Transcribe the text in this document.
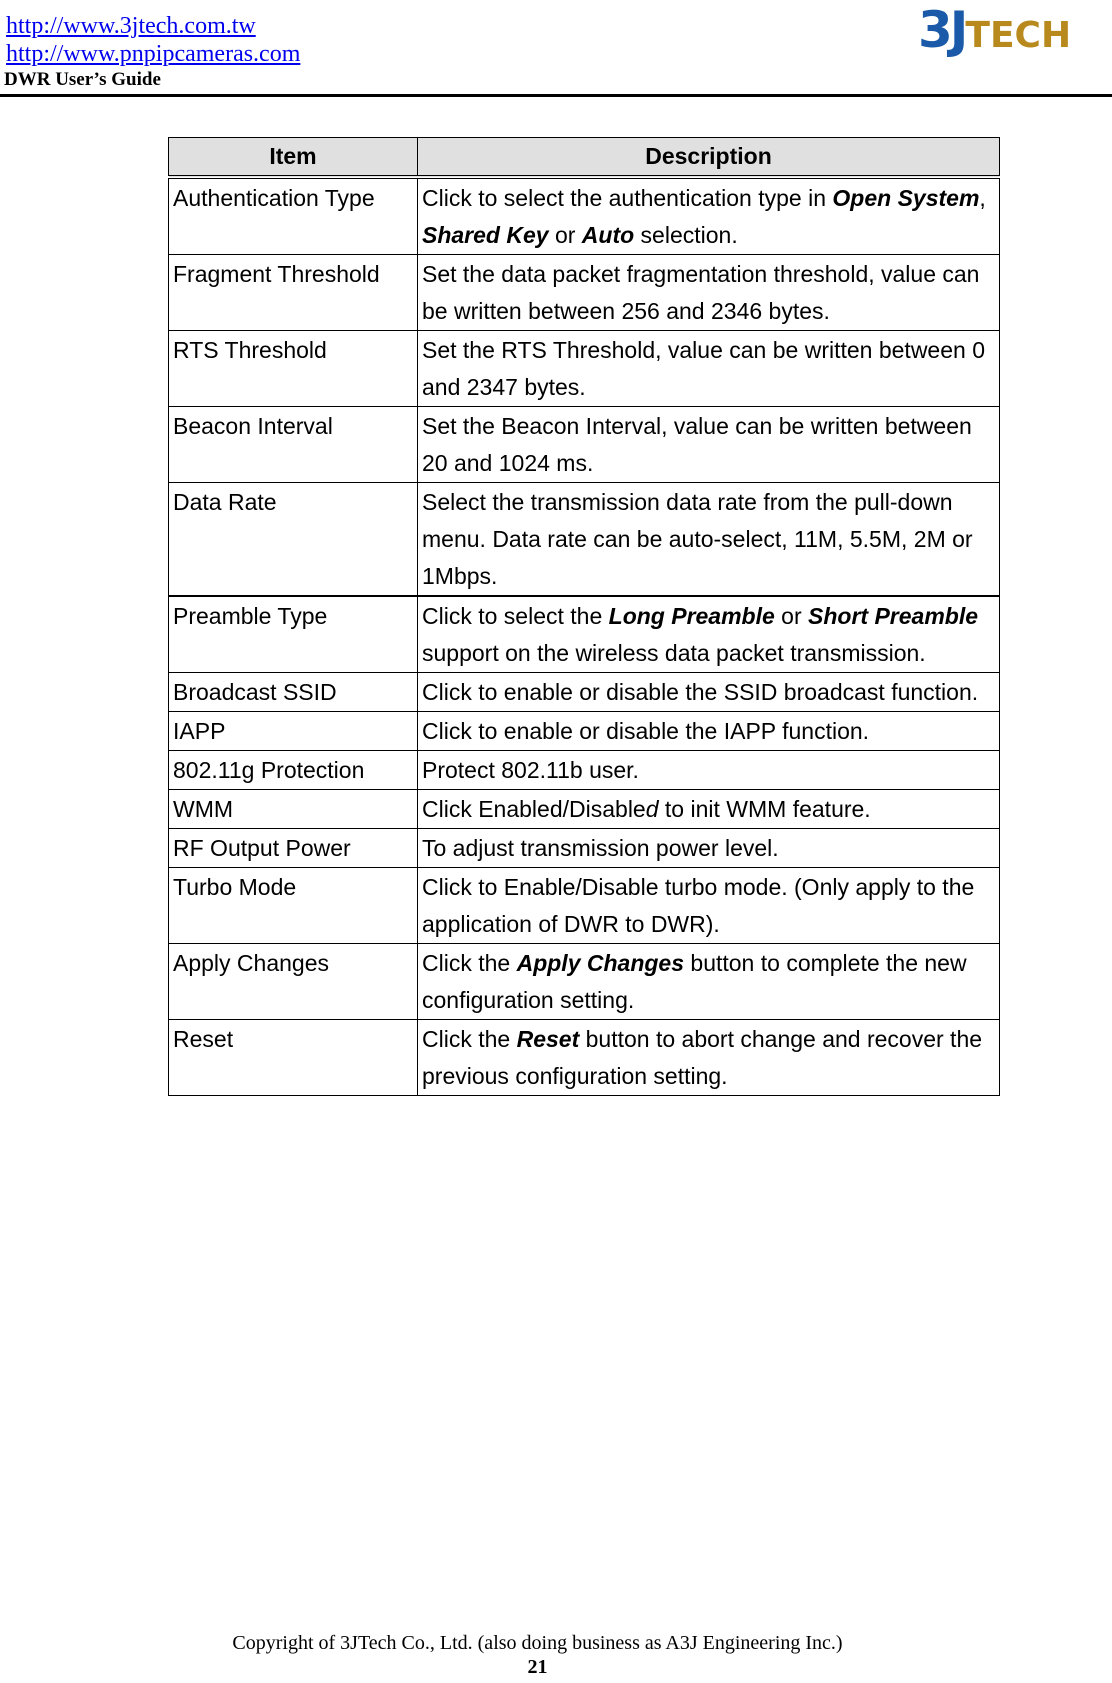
http://www.3jtech.com.tw
http://www.pnpipcameras.com
DWR User’s Guide
3JTECH
Item	Description
Authentication Type	Click to select the authentication type in Open System, Shared Key or Auto selection.
Fragment Threshold	Set the data packet fragmentation threshold, value can be written between 256 and 2346 bytes.
RTS Threshold	Set the RTS Threshold, value can be written between 0 and 2347 bytes.
Beacon Interval	Set the Beacon Interval, value can be written between 20 and 1024 ms.
Data Rate	Select the transmission data rate from the pull-down menu. Data rate can be auto-select, 11M, 5.5M, 2M or 1Mbps.
Preamble Type	Click to select the Long Preamble or Short Preamble support on the wireless data packet transmission.
Broadcast SSID	Click to enable or disable the SSID broadcast function.
IAPP	Click to enable or disable the IAPP function.
802.11g Protection	Protect 802.11b user.
WMM	Click Enabled/Disabled to init WMM feature.
RF Output Power	To adjust transmission power level.
Turbo Mode	Click to Enable/Disable turbo mode. (Only apply to the application of DWR to DWR).
Apply Changes	Click the Apply Changes button to complete the new configuration setting.
Reset	Click the Reset button to abort change and recover the previous configuration setting.
Copyright of 3JTech Co., Ltd. (also doing business as A3J Engineering Inc.)
21
